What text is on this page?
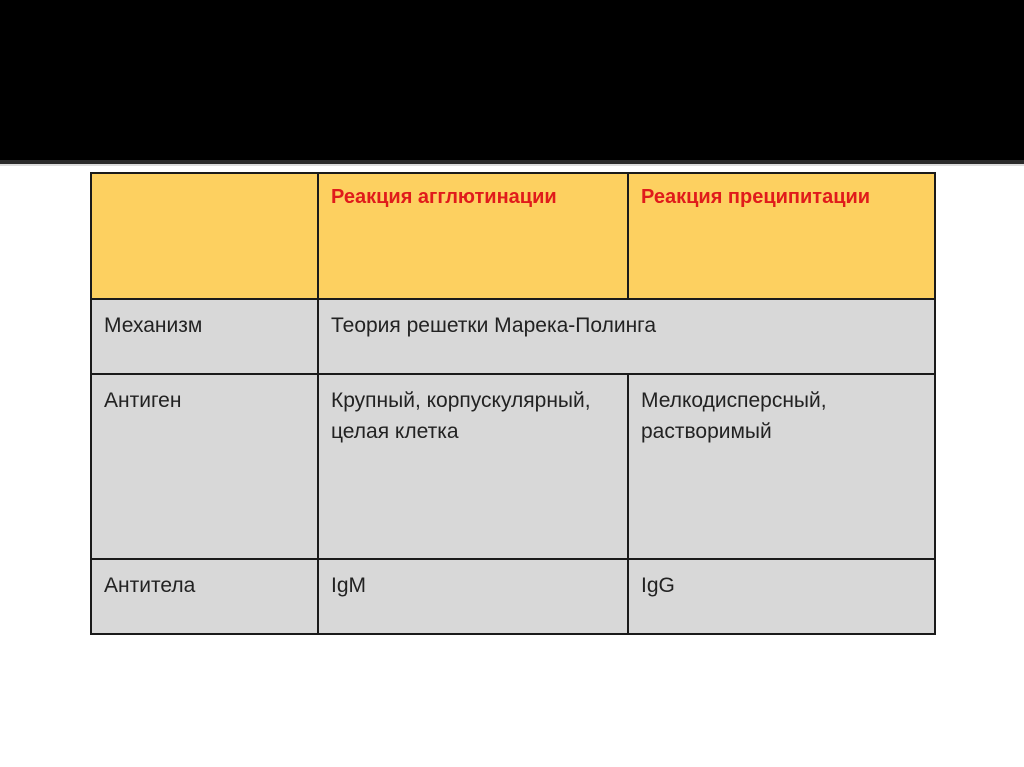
	Реакция агглютинации	Реакция преципитации
Механизм	Теория решетки Марека-Полинга	
Антиген	Крупный, корпускулярный, целая клетка	Мелкодисперсный, растворимый
Антитела	IgM	IgG
